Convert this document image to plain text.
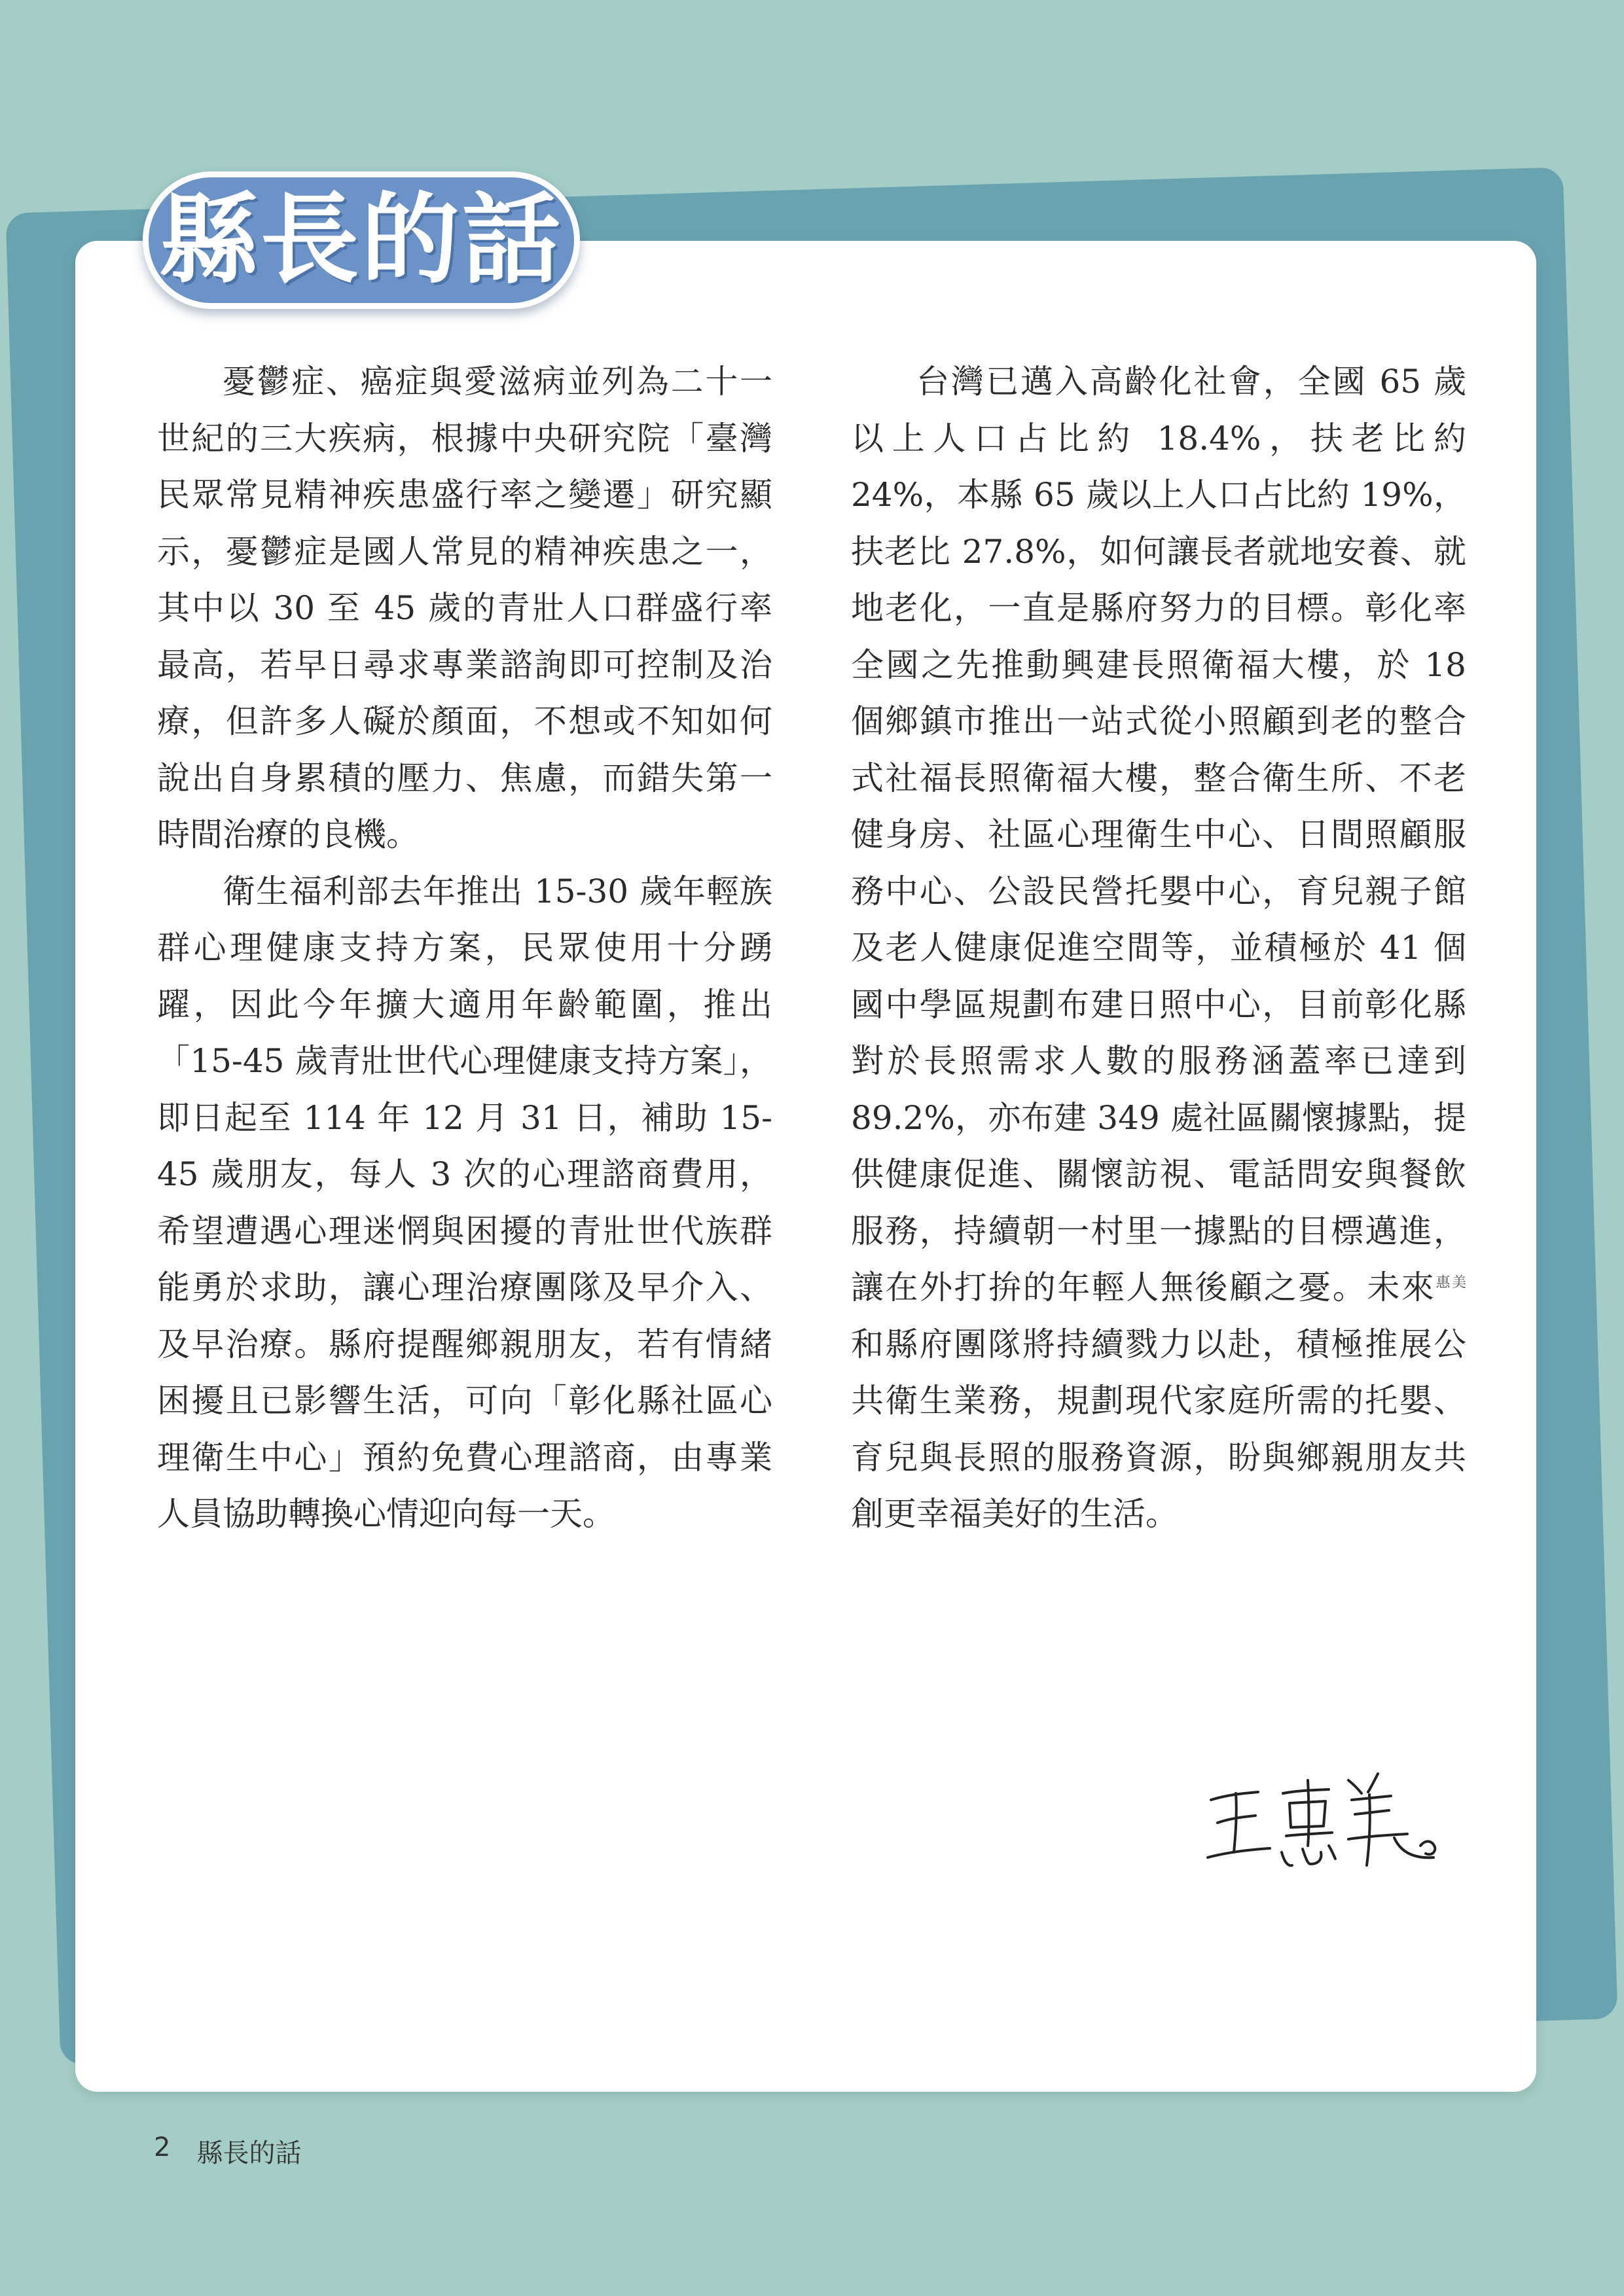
縣長的話

憂鬱症、癌症與愛滋病並列為二十一世紀的三大疾病，根據中央研究院「臺灣民眾常見精神疾患盛行率之變遷」研究顯示，憂鬱症是國人常見的精神疾患之一，其中以 30 至 45 歲的青壯人口群盛行率最高，若早日尋求專業諮詢即可控制及治療，但許多人礙於顏面，不想或不知如何說出自身累積的壓力、焦慮，而錯失第一時間治療的良機。

衛生福利部去年推出 15-30 歲年輕族群心理健康支持方案，民眾使用十分踴躍，因此今年擴大適用年齡範圍，推出「15-45 歲青壯世代心理健康支持方案」，即日起至 114 年 12 月 31 日，補助 15-45 歲朋友，每人 3 次的心理諮商費用，希望遭遇心理迷惘與困擾的青壯世代族群能勇於求助，讓心理治療團隊及早介入、及早治療。縣府提醒鄉親朋友，若有情緒困擾且已影響生活，可向「彰化縣社區心理衛生中心」預約免費心理諮商，由專業人員協助轉換心情迎向每一天。

台灣已邁入高齡化社會，全國 65 歲以上人口占比約 18.4%，扶老比約 24%，本縣 65 歲以上人口占比約 19%，扶老比 27.8%，如何讓長者就地安養、就地老化，一直是縣府努力的目標。彰化率全國之先推動興建長照衛福大樓，於 18 個鄉鎮市推出一站式從小照顧到老的整合式社福長照衛福大樓，整合衛生所、不老健身房、社區心理衛生中心、日間照顧服務中心、公設民營托嬰中心，育兒親子館及老人健康促進空間等，並積極於 41 個國中學區規劃布建日照中心，目前彰化縣對於長照需求人數的服務涵蓋率已達到 89.2%，亦布建 349 處社區關懷據點，提供健康促進、關懷訪視、電話問安與餐飲服務，持續朝一村里一據點的目標邁進，讓在外打拚的年輕人無後顧之憂。未來$^{惠美}$和縣府團隊將持續戮力以赴，積極推展公共衛生業務，規劃現代家庭所需的托嬰、育兒與長照的服務資源，盼與鄉親朋友共創更幸福美好的生活。

王惠美
2 縣長的話
